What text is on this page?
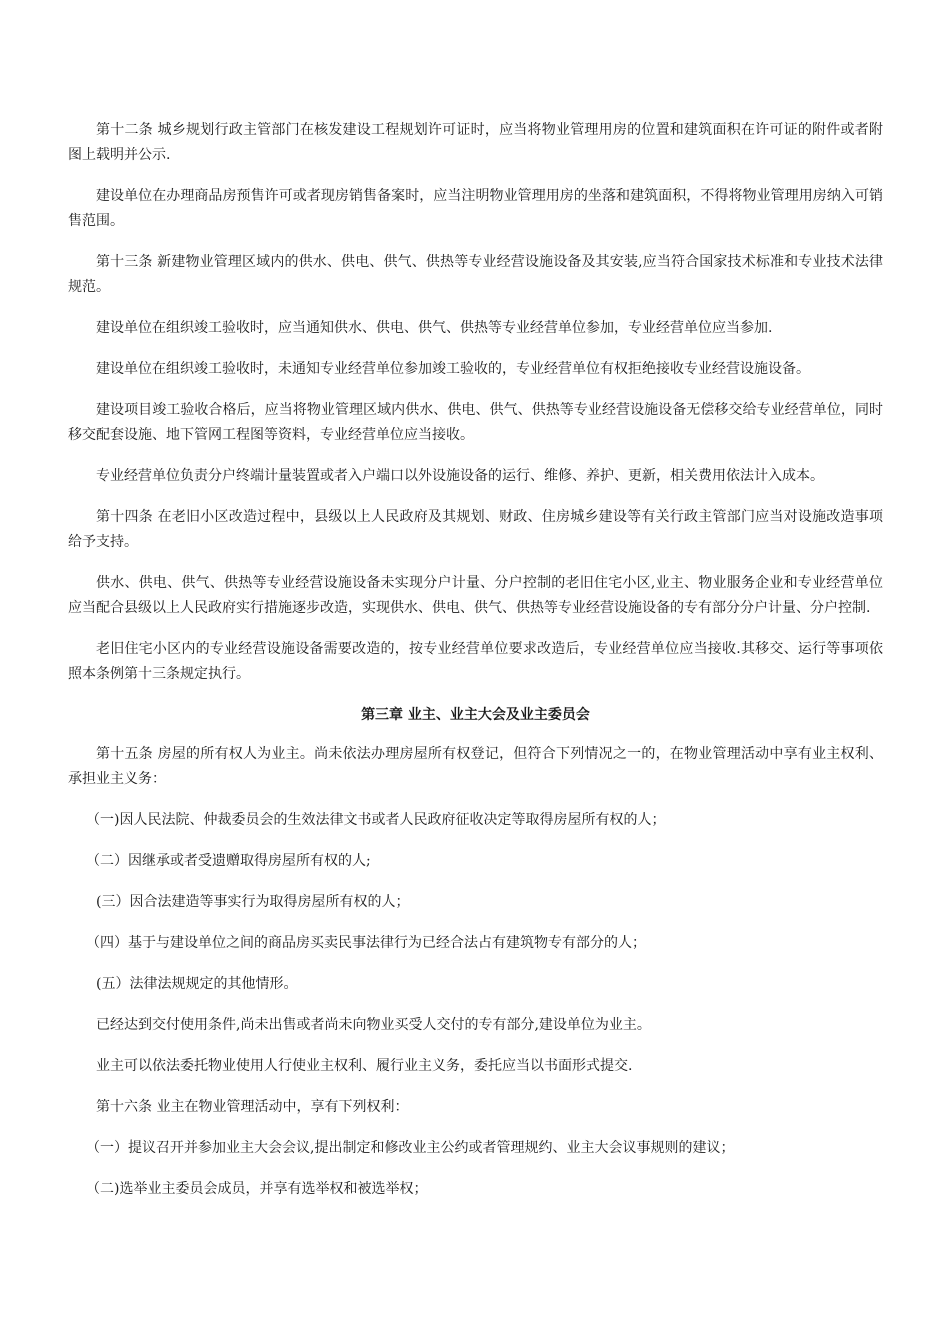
第十二条 城乡规划行政主管部门在核发建设工程规划许可证时，应当将物业管理用房的位置和建筑面积在许可证的附件或者附图上载明并公示.

建设单位在办理商品房预售许可或者现房销售备案时，应当注明物业管理用房的坐落和建筑面积，不得将物业管理用房纳入可销售范围。

第十三条 新建物业管理区域内的供水、供电、供气、供热等专业经营设施设备及其安装,应当符合国家技术标准和专业技术法律规范。

建设单位在组织竣工验收时，应当通知供水、供电、供气、供热等专业经营单位参加，专业经营单位应当参加.

建设单位在组织竣工验收时，未通知专业经营单位参加竣工验收的，专业经营单位有权拒绝接收专业经营设施设备。

建设项目竣工验收合格后，应当将物业管理区域内供水、供电、供气、供热等专业经营设施设备无偿移交给专业经营单位，同时移交配套设施、地下管网工程图等资料，专业经营单位应当接收。

专业经营单位负责分户终端计量装置或者入户端口以外设施设备的运行、维修、养护、更新，相关费用依法计入成本。

第十四条 在老旧小区改造过程中，县级以上人民政府及其规划、财政、住房城乡建设等有关行政主管部门应当对设施改造事项给予支持。

供水、供电、供气、供热等专业经营设施设备未实现分户计量、分户控制的老旧住宅小区,业主、物业服务企业和专业经营单位应当配合县级以上人民政府实行措施逐步改造，实现供水、供电、供气、供热等专业经营设施设备的专有部分分户计量、分户控制.

老旧住宅小区内的专业经营设施设备需要改造的，按专业经营单位要求改造后，专业经营单位应当接收.其移交、运行等事项依照本条例第十三条规定执行。

第三章 业主、业主大会及业主委员会

第十五条 房屋的所有权人为业主。尚未依法办理房屋所有权登记，但符合下列情况之一的，在物业管理活动中享有业主权利、承担业主义务：

（一)因人民法院、仲裁委员会的生效法律文书或者人民政府征收决定等取得房屋所有权的人；

（二）因继承或者受遗赠取得房屋所有权的人;

(三）因合法建造等事实行为取得房屋所有权的人；

（四）基于与建设单位之间的商品房买卖民事法律行为已经合法占有建筑物专有部分的人；

(五）法律法规规定的其他情形。

已经达到交付使用条件,尚未出售或者尚未向物业买受人交付的专有部分,建设单位为业主。

业主可以依法委托物业使用人行使业主权利、履行业主义务，委托应当以书面形式提交.

第十六条 业主在物业管理活动中，享有下列权利：

（一）提议召开并参加业主大会会议,提出制定和修改业主公约或者管理规约、业主大会议事规则的建议；

（二)选举业主委员会成员，并享有选举权和被选举权；
